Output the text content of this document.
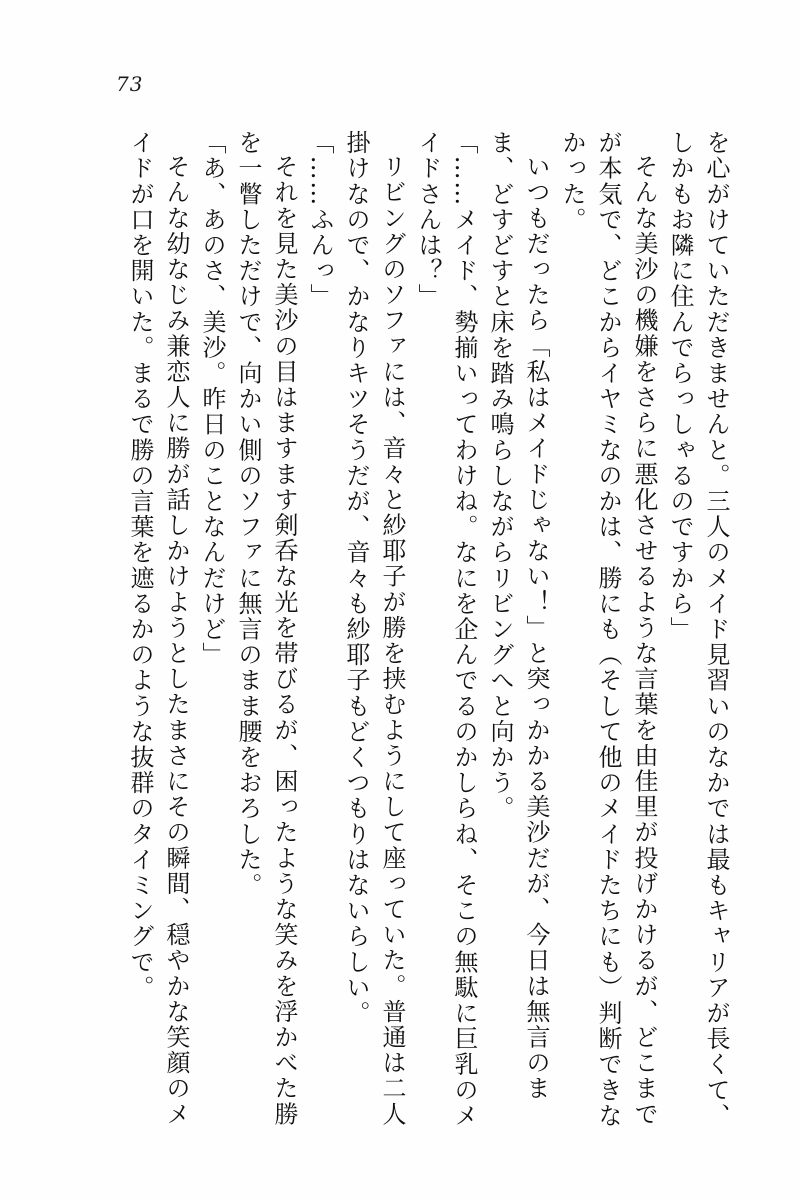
73

を心がけていただきませんと。三人のメイド見習いのなかでは最もキャリアが長くて、しかもお隣に住んでらっしゃるのですから」

そんな美沙の機嫌をさらに悪化させるような言葉を由佳里が投げかけるが、どこまでが本気で、どこからイヤミなのかは、勝にも（そして他のメイドたちにも）判断できなかった。

いつもだったら「私はメイドじゃない！」と突っかかる美沙だが、今日は無言のまま、どすどすと床を踏み鳴らしながらリビングへと向かう。

「……メイド、勢揃いってわけね。なにを企んでるのかしらね、そこの無駄に巨乳のメイドさんは？」

リビングのソファには、音々と紗耶子が勝を挟むようにして座っていた。普通は二人掛けなので、かなりキツそうだが、音々も紗耶子もどくつもりはないらしい。

「……ふんっ」

それを見た美沙の目はますます剣呑な光を帯びるが、困ったような笑みを浮かべた勝を一瞥しただけで、向かい側のソファに無言のまま腰をおろした。

「あ、あのさ、美沙。昨日のことなんだけど」

そんな幼なじみ兼恋人に勝が話しかけようとしたまさにその瞬間、穏やかな笑顔のメイドが口を開いた。まるで勝の言葉を遮るかのような抜群のタイミングで。
